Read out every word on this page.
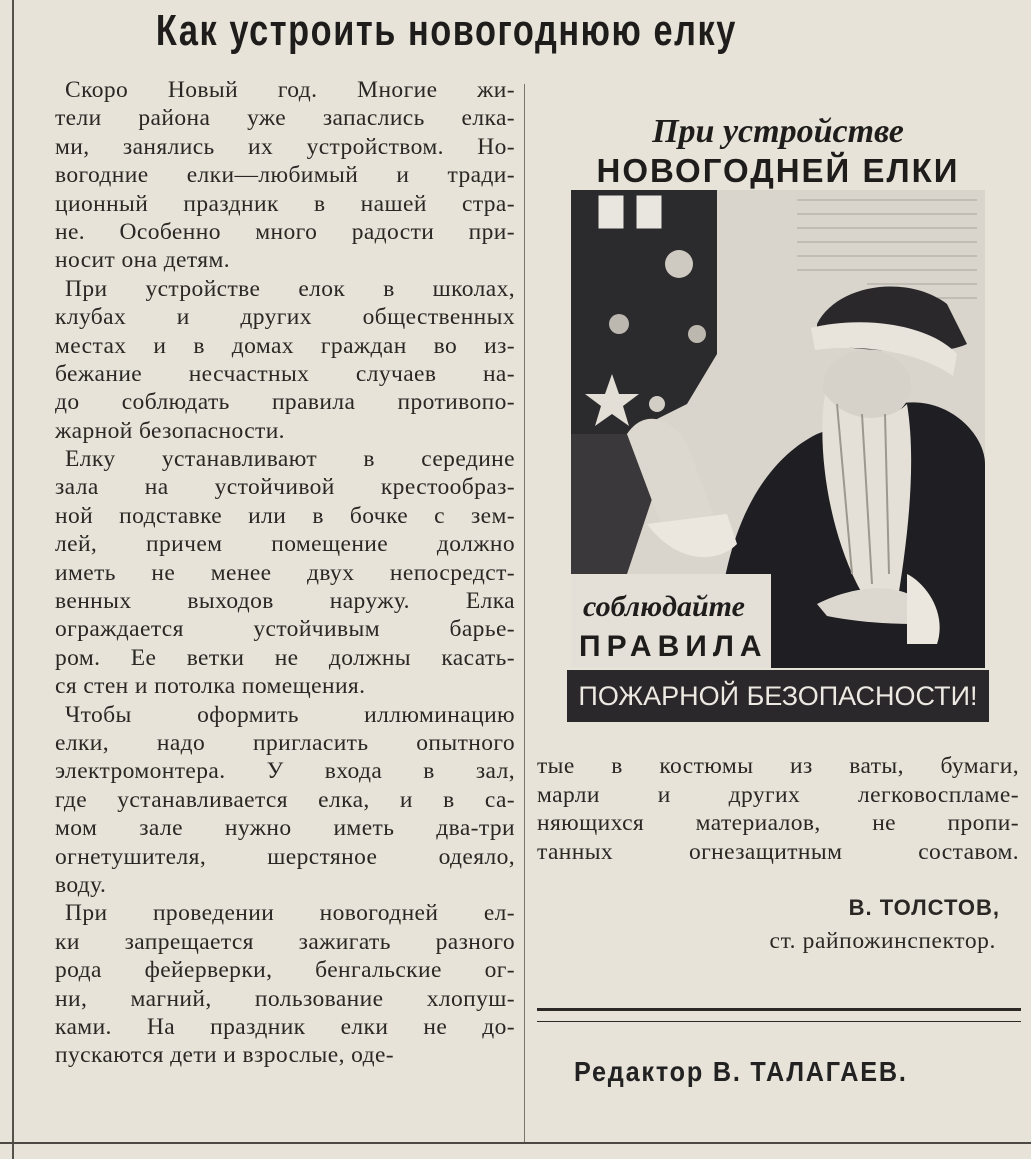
Как устроить новогоднюю елку
Скоро Новый год. Многие жи-
тели района уже запаслись елка-
ми, занялись их устройством. Но-
вогодние елки—любимый и тради-
ционный праздник в нашей стра-
не. Особенно много радости при-
носит она детям.
При устройстве елок в школах,
клубах и других общественных
местах и в домах граждан во из-
бежание несчастных случаев на-
до соблюдать правила противопо-
жарной безопасности.
Елку устанавливают в середине
зала на устойчивой крестообраз-
ной подставке или в бочке с зем-
лей, причем помещение должно
иметь не менее двух непосредст-
венных выходов наружу. Елка
ограждается устойчивым барье-
ром. Ее ветки не должны касать-
ся стен и потолка помещения.
Чтобы оформить иллюминацию
елки, надо пригласить опытного
электромонтера. У входа в зал,
где устанавливается елка, и в са-
мом зале нужно иметь два-три
огнетушителя, шерстяное одеяло,
воду.
При проведении новогодней ел-
ки запрещается зажигать разного
рода фейерверки, бенгальские ог-
ни, магний, пользование хлопуш-
ками. На праздник елки не до-
пускаются дети и взрослые, оде-
При устройстве
НОВОГОДНЕЙ ЕЛКИ
соблюдайте
ПРАВИЛА
ПОЖАРНОЙ БЕЗОПАСНОСТИ!
тые в костюмы из ваты, бумаги,
марли и других легковоспламе-
няющихся материалов, не пропи-
танных огнезащитным составом.
В. ТОЛСТОВ,
ст. райпожинспектор.
Редактор В. ТАЛАГАЕВ.
